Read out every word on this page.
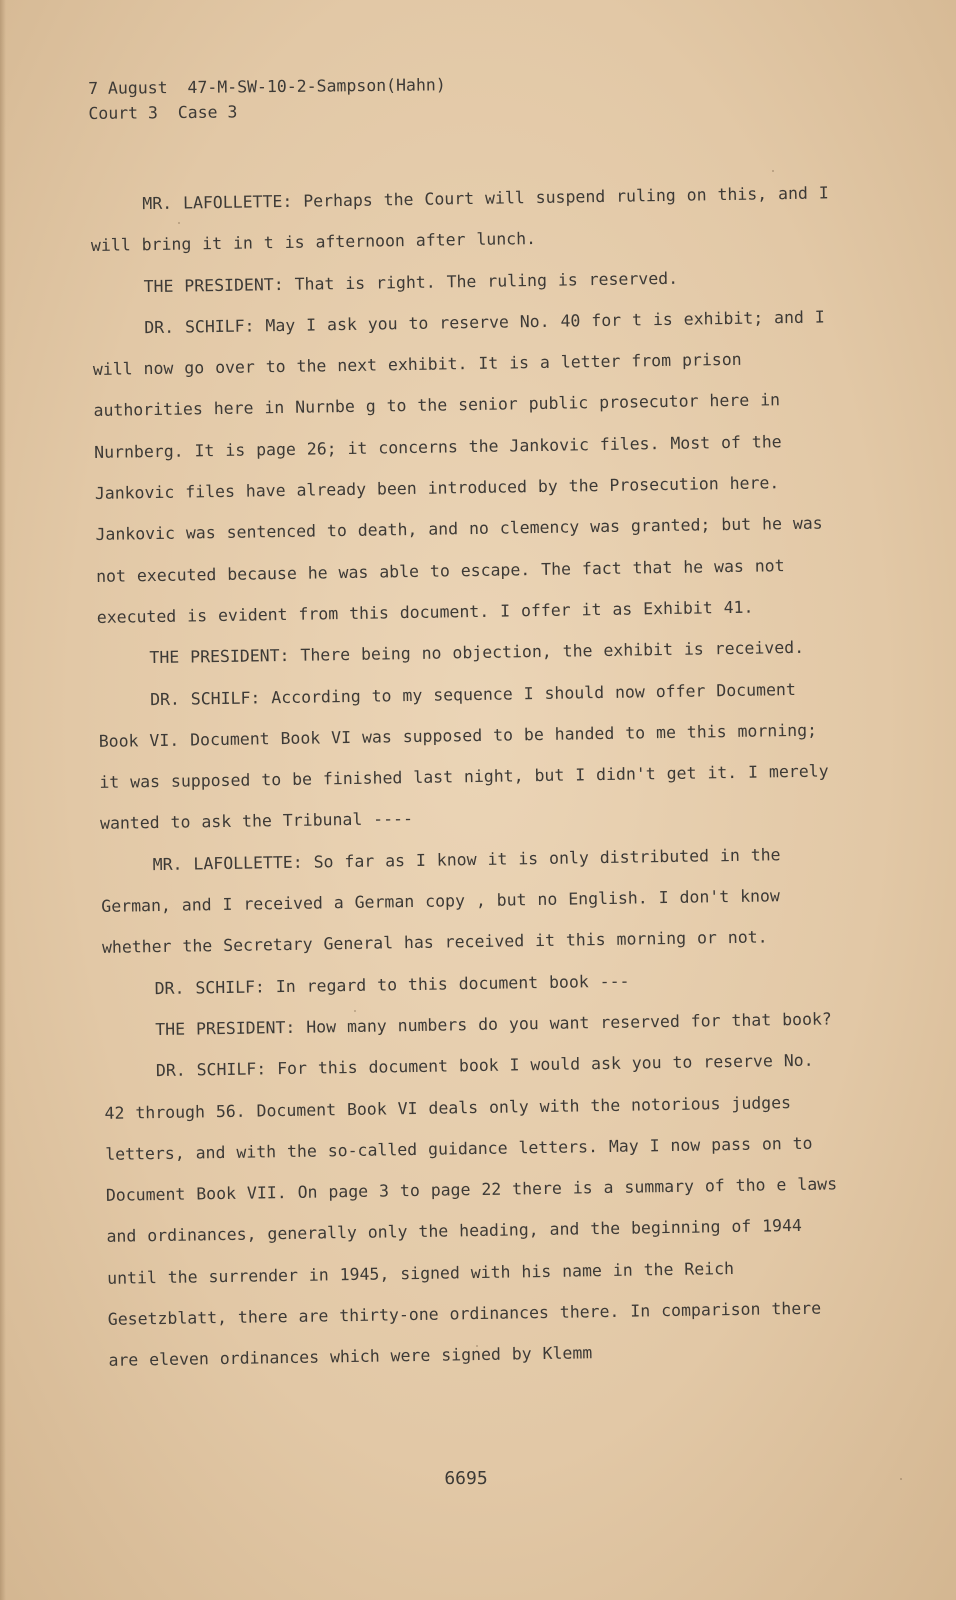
7 August  47-M-SW-10-2-Sampson(Hahn)
Court 3  Case 3

MR. LAFOLLETTE: Perhaps the Court will suspend ruling on this, and I will bring it in t is afternoon after lunch.

THE PRESIDENT: That is right. The ruling is reserved.

DR. SCHILF: May I ask you to reserve No. 40 for t is exhibit; and I will now go over to the next exhibit. It is a letter from prison authorities here in Nurnbe g to the senior public prosecutor here in Nurnberg. It is page 26; it concerns the Jankovic files. Most of the Jankovic files have already been introduced by the Prosecution here. Jankovic was sentenced to death, and no clemency was granted; but he was not executed because he was able to escape. The fact that he was not executed is evident from this document. I offer it as Exhibit 41.

THE PRESIDENT: There being no objection, the exhibit is received.

DR. SCHILF: According to my sequence I should now offer Document Book VI. Document Book VI was supposed to be handed to me this morning; it was supposed to be finished last night, but I didn't get it. I merely wanted to ask the Tribunal ----

MR. LAFOLLETTE: So far as I know it is only distributed in the German, and I received a German copy , but no English. I don't know whether the Secretary General has received it this morning or not.

DR. SCHILF: In regard to this document book ---

THE PRESIDENT: How many numbers do you want reserved for that book?

DR. SCHILF: For this document book I would ask you to reserve No. 42 through 56. Document Book VI deals only with the notorious judges letters, and with the so-called guidance letters. May I now pass on to Document Book VII. On page 3 to page 22 there is a summary of tho e laws and ordinances, generally only the heading, and the beginning of 1944 until the surrender in 1945, signed with his name in the Reich Gesetzblatt, there are thirty-one ordinances there. In comparison there are eleven ordinances which were signed by Klemm

6695
